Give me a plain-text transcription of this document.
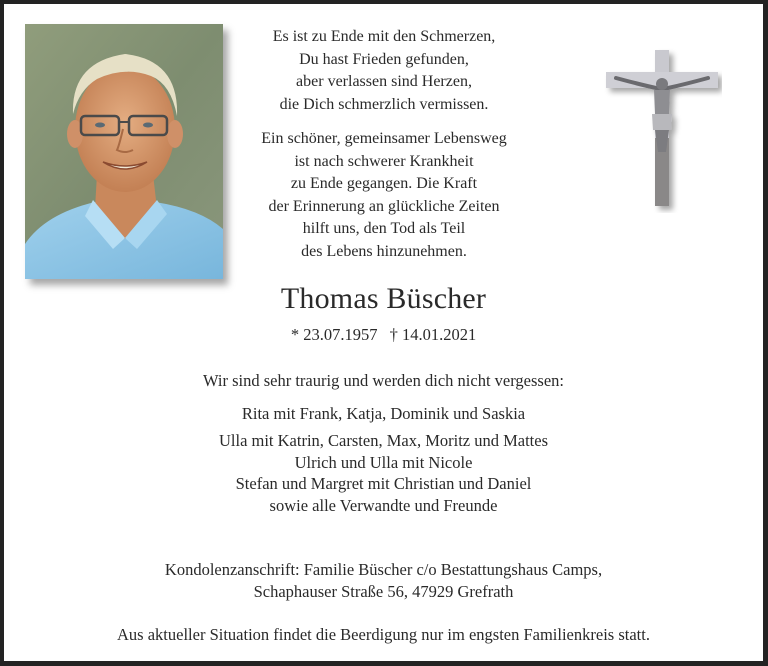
Es ist zu Ende mit den Schmerzen,
Du hast Frieden gefunden,
aber verlassen sind Herzen,
die Dich schmerzlich vermissen.
Ein schöner, gemeinsamer Lebensweg
ist nach schwerer Krankheit
zu Ende gegangen. Die Kraft
der Erinnerung an glückliche Zeiten
hilft uns, den Tod als Teil
des Lebens hinzunehmen.
Thomas Büscher
* 23.07.1957 † 14.01.2021
Wir sind sehr traurig und werden dich nicht vergessen:
Rita mit Frank, Katja, Dominik und Saskia
Ulla mit Katrin, Carsten, Max, Moritz und Mattes
Ulrich und Ulla mit Nicole
Stefan und Margret mit Christian und Daniel
sowie alle Verwandte und Freunde
Kondolenzanschrift: Familie Büscher c/o Bestattungshaus Camps,
Schaphauser Straße 56, 47929 Grefrath
Aus aktueller Situation findet die Beerdigung nur im engsten Familienkreis statt.
